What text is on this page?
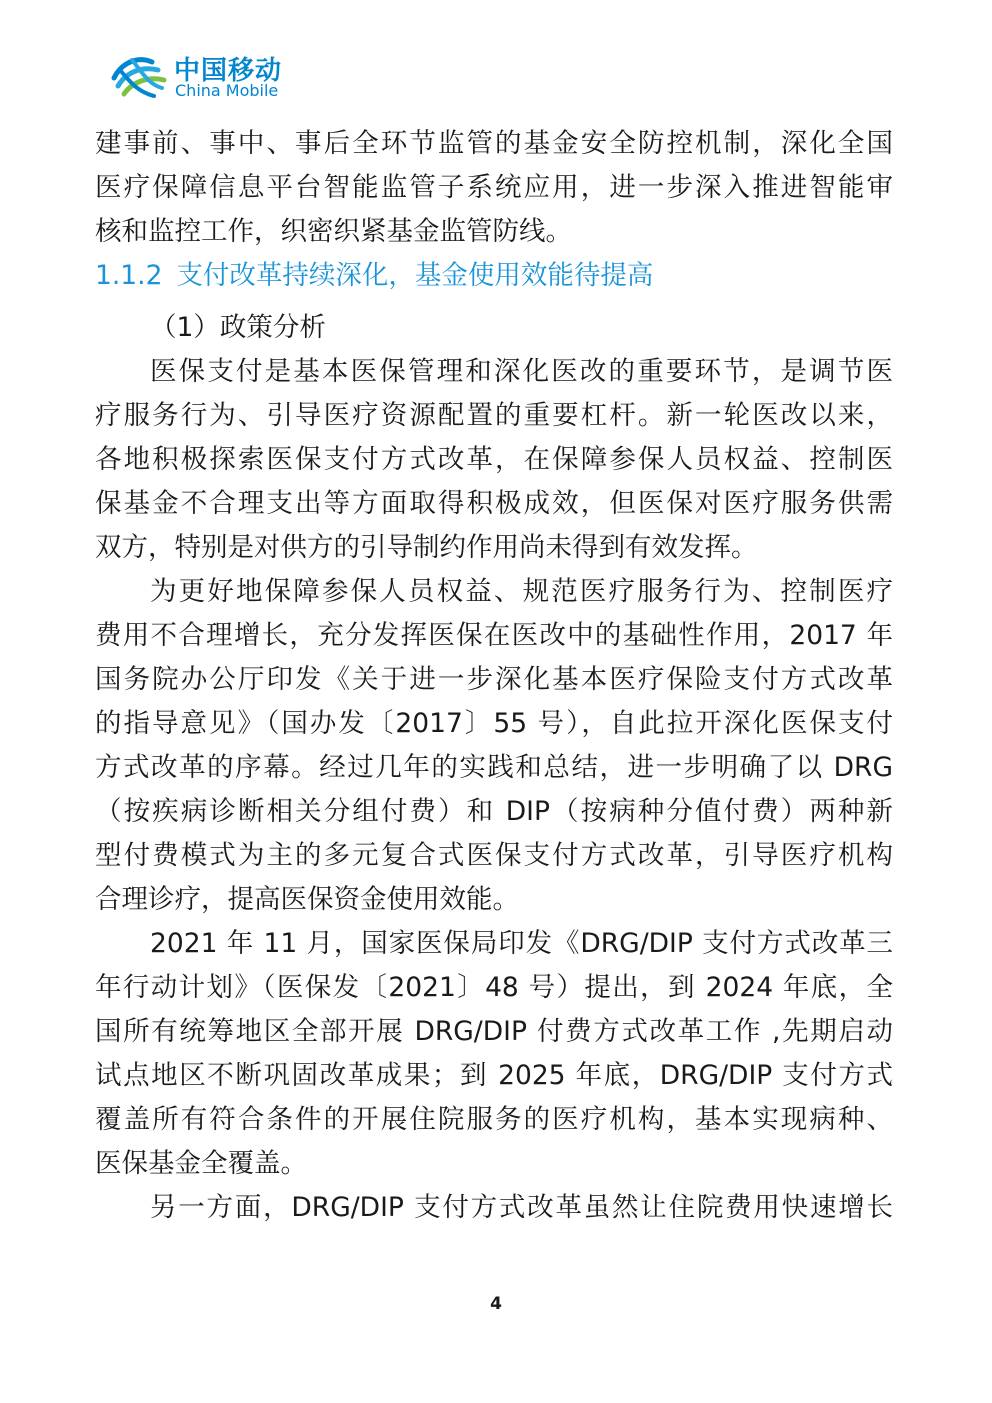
中国移动
China Mobile
建事前、事中、事后全环节监管的基金安全防控机制，深化全国
医疗保障信息平台智能监管子系统应用，进一步深入推进智能审
核和监控工作，织密织紧基金监管防线。
1.1.2 支付改革持续深化，基金使用效能待提高
（1）政策分析
医保支付是基本医保管理和深化医改的重要环节，是调节医
疗服务行为、引导医疗资源配置的重要杠杆。新一轮医改以来，
各地积极探索医保支付方式改革，在保障参保人员权益、控制医
保基金不合理支出等方面取得积极成效，但医保对医疗服务供需
双方，特别是对供方的引导制约作用尚未得到有效发挥。
为更好地保障参保人员权益、规范医疗服务行为、控制医疗
费用不合理增长，充分发挥医保在医改中的基础性作用，2017 年
国务院办公厅印发《关于进一步深化基本医疗保险支付方式改革
的指导意见》（国办发〔2017〕55 号），自此拉开深化医保支付
方式改革的序幕。经过几年的实践和总结，进一步明确了以 DRG
（按疾病诊断相关分组付费）和 DIP（按病种分值付费）两种新
型付费模式为主的多元复合式医保支付方式改革，引导医疗机构
合理诊疗，提高医保资金使用效能。
2021 年 11 月，国家医保局印发《DRG/DIP 支付方式改革三
年行动计划》（医保发〔2021〕48 号）提出，到 2024 年底，全
国所有统筹地区全部开展 DRG/DIP 付费方式改革工作 ,先期启动
试点地区不断巩固改革成果；到 2025 年底，DRG/DIP 支付方式
覆盖所有符合条件的开展住院服务的医疗机构，基本实现病种、
医保基金全覆盖。
另一方面，DRG/DIP 支付方式改革虽然让住院费用快速增长
4
